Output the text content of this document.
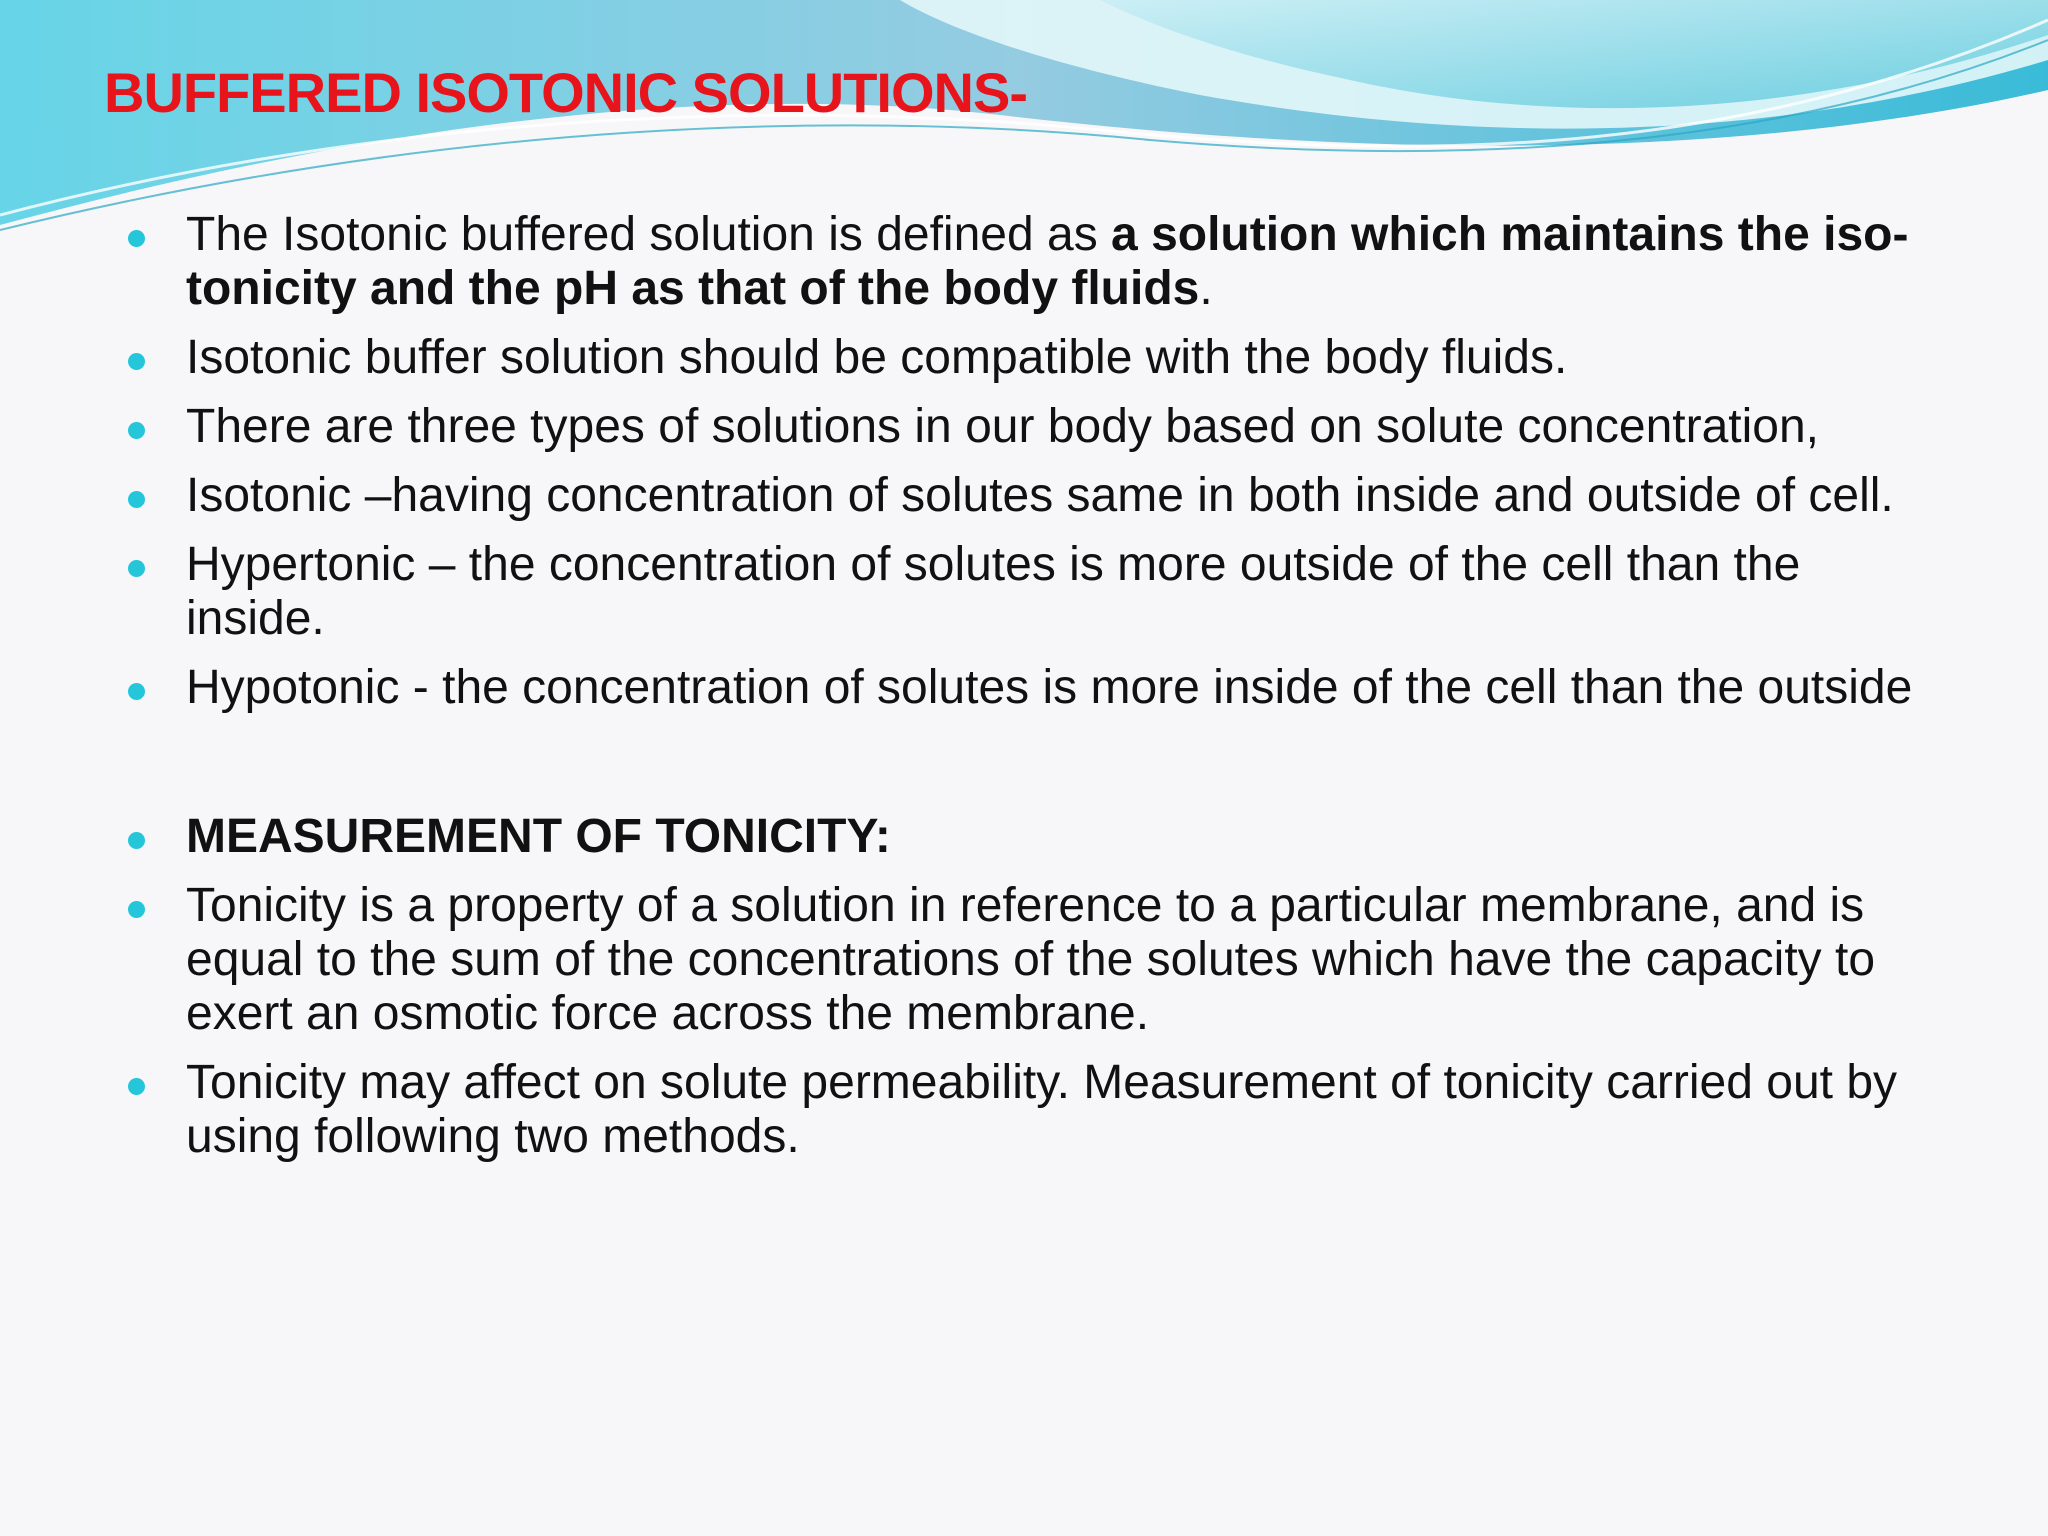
BUFFERED ISOTONIC SOLUTIONS-
The Isotonic buffered solution is defined as a solution which maintains the iso-tonicity and the pH as that of the body fluids.
Isotonic buffer solution should be compatible with the body fluids.
There are three types of solutions in our body based on solute concentration,
Isotonic –having concentration of solutes same in both inside and outside of cell.
Hypertonic – the concentration of solutes is more outside of the cell than the inside.
Hypotonic - the concentration of solutes is more inside of the cell than the outside
MEASUREMENT OF TONICITY:
Tonicity is a property of a solution in reference to a particular membrane, and is equal to the sum of the concentrations of the solutes which have the capacity to exert an osmotic force across the membrane.
Tonicity may affect on solute permeability. Measurement of tonicity carried out by using following two methods.
